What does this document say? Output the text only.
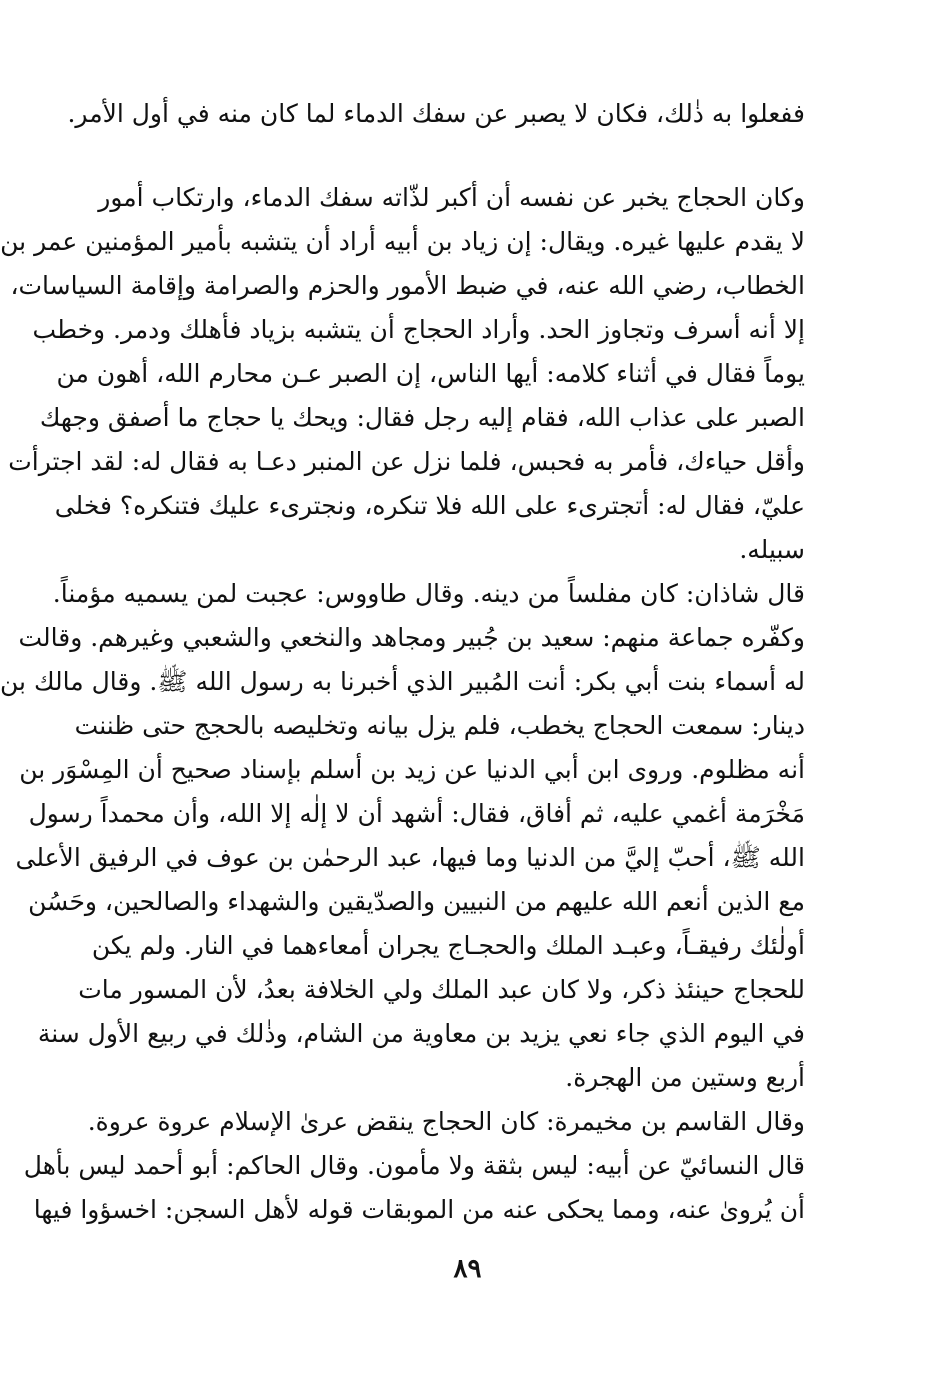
ففعلوا به ذٰلك، فكان لا يصبر عن سفك الدماء لما كان منه في أول الأمر.
وكان الحجاج يخبر عن نفسه أن أكبر لذّاته سفك الدماء، وارتكاب أمور
لا يقدم عليها غيره. ويقال: إن زياد بن أبيه أراد أن يتشبه بأمير المؤمنين عمر بن
الخطاب، رضي الله عنه، في ضبط الأمور والحزم والصرامة وإقامة السياسات،
إلا أنه أسرف وتجاوز الحد. وأراد الحجاج أن يتشبه بزياد فأهلك ودمر. وخطب
يوماً فقال في أثناء كلامه: أيها الناس، إن الصبر عـن محارم الله، أهون من
الصبر على عذاب الله، فقام إليه رجل فقال: ويحك يا حجاج ما أصفق وجهك
وأقل حياءك، فأمر به فحبس، فلما نزل عن المنبر دعـا به فقال له: لقد اجترأت
عليّ، فقال له: أتجترىء على الله فلا تنكره، ونجترىء عليك فتنكره؟ فخلى
سبيله.
قال شاذان: كان مفلساً من دينه. وقال طاووس: عجبت لمن يسميه مؤمناً.
وكفّره جماعة منهم: سعيد بن جُبير ومجاهد والنخعي والشعبي وغيرهم. وقالت
له أسماء بنت أبي بكر: أنت المُبير الذي أخبرنا به رسول الله ﷺ. وقال مالك بن
دينار: سمعت الحجاج يخطب، فلم يزل بيانه وتخليصه بالحجج حتى ظننت
أنه مظلوم. وروى ابن أبي الدنيا عن زيد بن أسلم بإسناد صحيح أن المِسْوَر بن
مَخْرَمة أغمي عليه، ثم أفاق، فقال: أشهد أن لا إلٰه إلا الله، وأن محمداً رسول
الله ﷺ، أحبّ إليَّ من الدنيا وما فيها، عبد الرحمٰن بن عوف في الرفيق الأعلى
مع الذين أنعم الله عليهم من النبيين والصدّيقين والشهداء والصالحين، وحَسُن
أولٰئك رفيقـاً، وعبـد الملك والحجـاج يجران أمعاءهما في النار. ولم يكن
للحجاج حينئذ ذكر، ولا كان عبد الملك ولي الخلافة بعدُ، لأن المسور مات
في اليوم الذي جاء نعي يزيد بن معاوية من الشام، وذٰلك في ربيع الأول سنة
أربع وستين من الهجرة.
وقال القاسم بن مخيمرة: كان الحجاج ينقض عرىٰ الإسلام عروة عروة.
قال النسائيّ عن أبيه: ليس بثقة ولا مأمون. وقال الحاكم: أبو أحمد ليس بأهل
أن يُروىٰ عنه، ومما يحكى عنه من الموبقات قوله لأهل السجن: اخسؤوا فيها
٨٩
